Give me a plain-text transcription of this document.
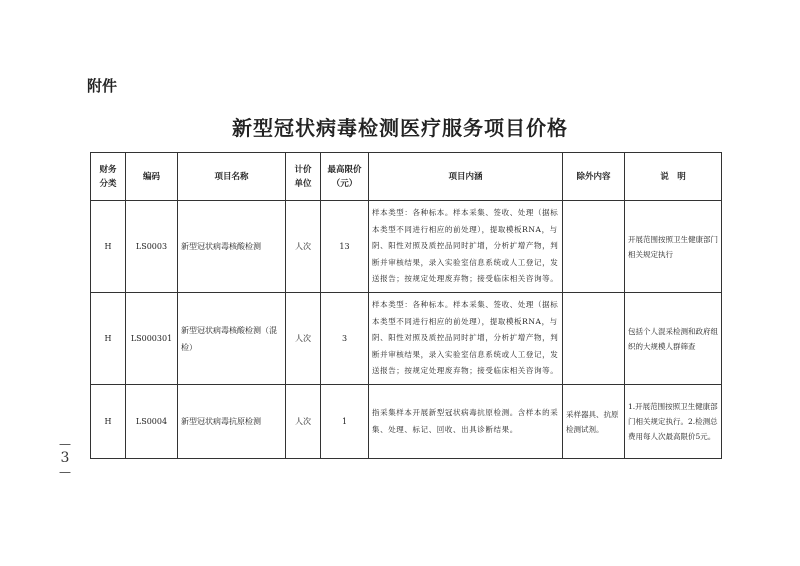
附件
新型冠状病毒检测医疗服务项目价格
—
3
—
财务分类	编码	项目名称	计价单位	最高限价（元）	项目内涵	除外内容	说　明
H	LS0003	新型冠状病毒核酸检测	人次	13	样本类型：各种标本。样本采集、签收、处理（据标本类型不同进行相应的前处理），提取模板RNA，与阴、阳性对照及质控品同时扩增，分析扩增产物，判断并审核结果，录入实验室信息系统或人工登记，发送报告；按规定处理废弃物；接受临床相关咨询等。		开展范围按照卫生健康部门相关规定执行
H	LS000301	新型冠状病毒核酸检测（混检）	人次	3	样本类型：各种标本。样本采集、签收、处理（据标本类型不同进行相应的前处理），提取模板RNA，与阴、阳性对照及质控品同时扩增，分析扩增产物，判断并审核结果，录入实验室信息系统或人工登记，发送报告；按规定处理废弃物；接受临床相关咨询等。		包括个人混采检测和政府组织的大规模人群筛查
H	LS0004	新型冠状病毒抗原检测	人次	1	指采集样本开展新型冠状病毒抗原检测。含样本的采集、处理、标记、回收、出具诊断结果。	采样器具、抗原检测试剂。	1.开展范围按照卫生健康部门相关规定执行。2.检测总费用每人次最高限价5元。
